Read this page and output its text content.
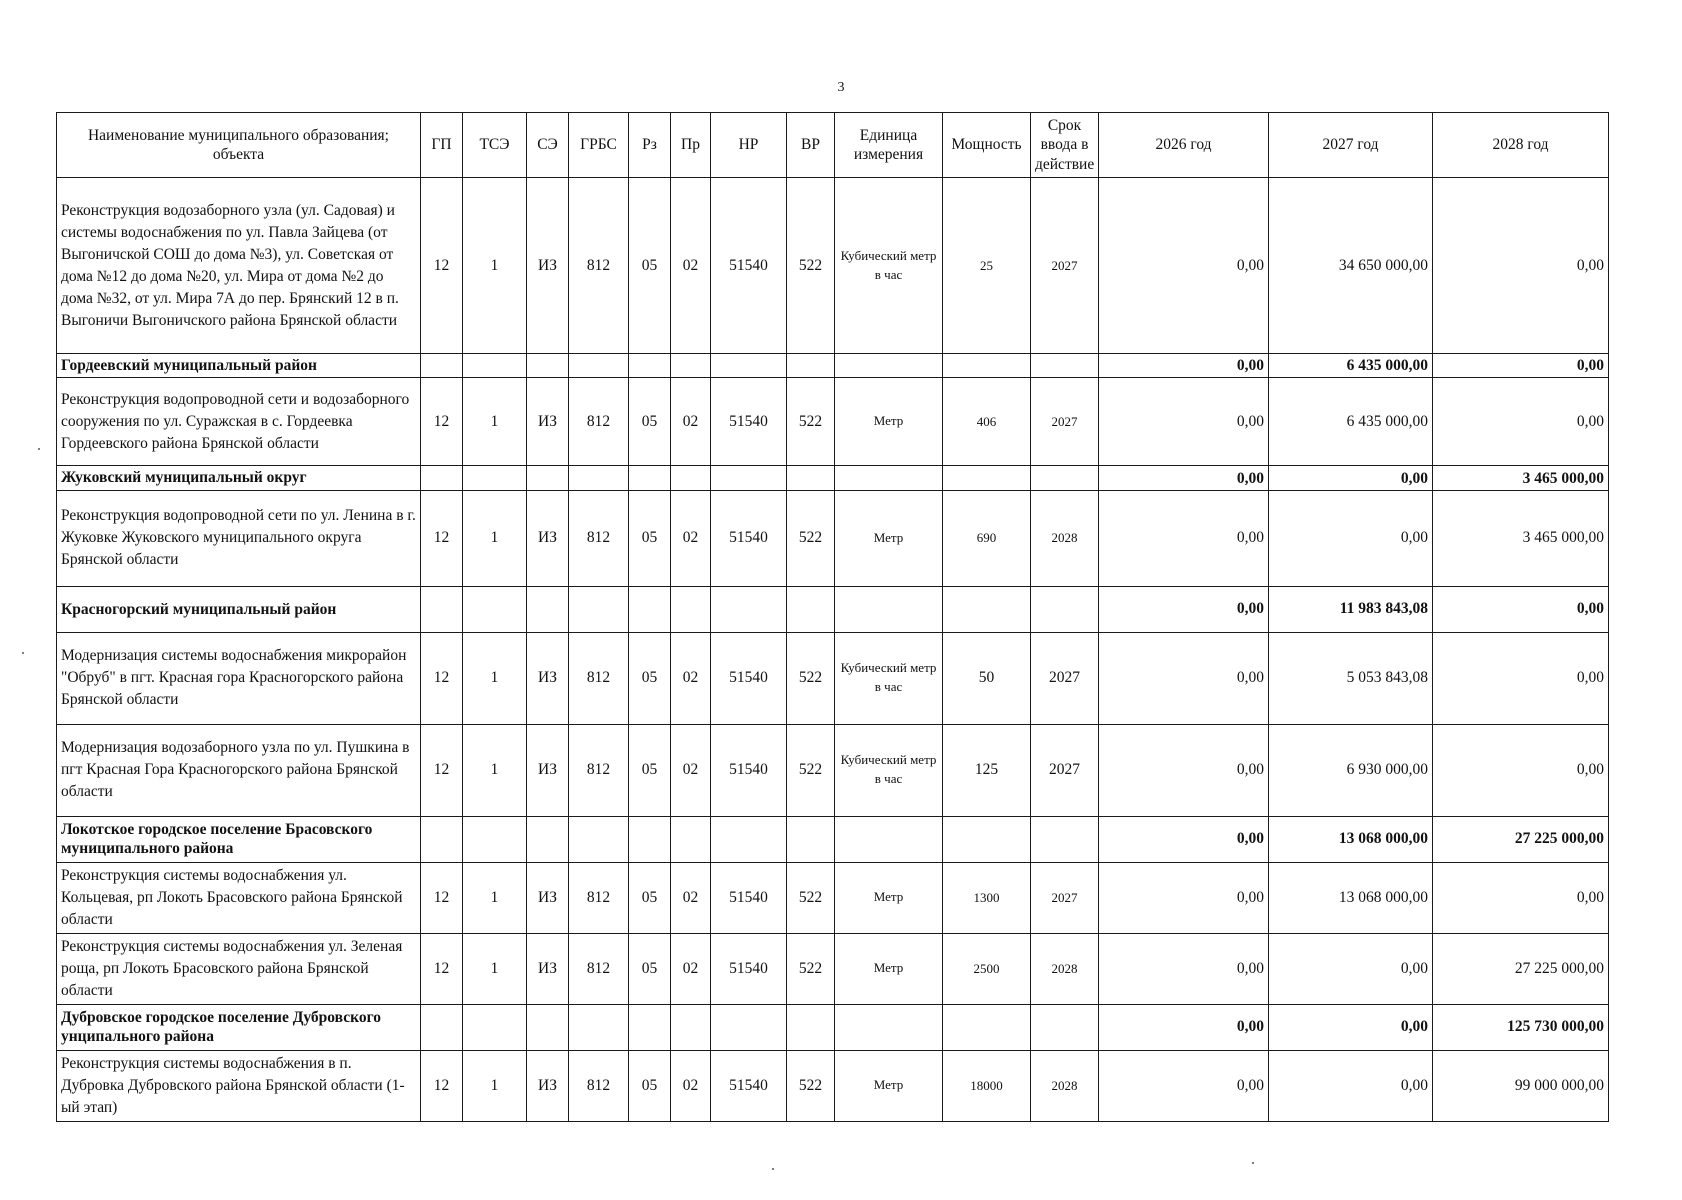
3
Наименование муниципального образования; объекта	ГП	ТСЭ	СЭ	ГРБС	Рз	Пр	НР	ВР	Единица измерения	Мощность	Срок ввода в действие	2026 год	2027 год	2028 год
Реконструкция водозаборного узла (ул. Садовая) и системы водоснабжения по ул. Павла Зайцева (от Выгоничской СОШ до дома №3), ул. Советская от дома №12 до дома №20, ул. Мира от дома №2 до дома №32, от ул. Мира 7А до пер. Брянский 12 в п. Выгоничи Выгоничского района Брянской области	12	1	ИЗ	812	05	02	51540	522	Кубический метр в час	25	2027	0,00	34 650 000,00	0,00
Гордеевский муниципальный район												0,00	6 435 000,00	0,00
Реконструкция водопроводной сети и водозаборного сооружения по ул. Суражская в с. Гордеевка Гордеевского района Брянской области	12	1	ИЗ	812	05	02	51540	522	Метр	406	2027	0,00	6 435 000,00	0,00
Жуковский муниципальный округ												0,00	0,00	3 465 000,00
Реконструкция водопроводной сети по ул. Ленина в г. Жуковке Жуковского муниципального округа Брянской области	12	1	ИЗ	812	05	02	51540	522	Метр	690	2028	0,00	0,00	3 465 000,00
Красногорский муниципальный район												0,00	11 983 843,08	0,00
Модернизация системы водоснабжения микрорайон "Обруб" в пгт. Красная гора Красногорского района Брянской области	12	1	ИЗ	812	05	02	51540	522	Кубический метр в час	50	2027	0,00	5 053 843,08	0,00
Модернизация водозаборного узла по ул. Пушкина в пгт Красная Гора Красногорского района Брянской области	12	1	ИЗ	812	05	02	51540	522	Кубический метр в час	125	2027	0,00	6 930 000,00	0,00
Локотское городское поселение Брасовского муниципального района												0,00	13 068 000,00	27 225 000,00
Реконструкция системы водоснабжения ул. Кольцевая, рп Локоть Брасовского района Брянской области	12	1	ИЗ	812	05	02	51540	522	Метр	1300	2027	0,00	13 068 000,00	0,00
Реконструкция системы водоснабжения ул. Зеленая роща, рп Локоть Брасовского района Брянской области	12	1	ИЗ	812	05	02	51540	522	Метр	2500	2028	0,00	0,00	27 225 000,00
Дубровское городское поселение Дубровского унципального района												0,00	0,00	125 730 000,00
Реконструкция системы водоснабжения в п. Дубровка Дубровского района Брянской области (1-ый этап)	12	1	ИЗ	812	05	02	51540	522	Метр	18000	2028	0,00	0,00	99 000 000,00
